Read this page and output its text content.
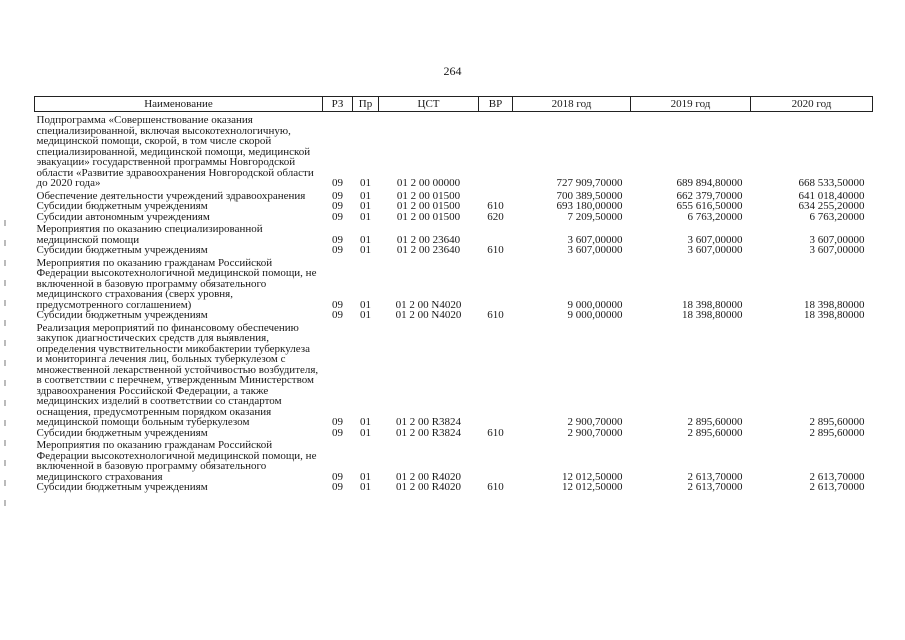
264
Наименование	РЗ	Пр	ЦСТ	ВР	2018 год	2019 год	2020 год
Подпрограмма «Совершенствование оказания специализированной, включая высокотехнологичную, медицинской помощи, скорой, в том числе скорой специализированной, медицинской помощи, медицинской эвакуации» государственной программы Новгородской области «Развитие здравоохранения Новгородской области до 2020 года»	09	01	01 2 00 00000		727 909,70000	689 894,80000	668 533,50000
Обеспечение деятельности учреждений здравоохранения	09	01	01 2 00 01500		700 389,50000	662 379,70000	641 018,40000
Субсидии бюджетным учреждениям	09	01	01 2 00 01500	610	693 180,00000	655 616,50000	634 255,20000
Субсидии автономным учреждениям	09	01	01 2 00 01500	620	7 209,50000	6 763,20000	6 763,20000
Мероприятия по оказанию специализированной медицинской помощи	09	01	01 2 00 23640		3 607,00000	3 607,00000	3 607,00000
Субсидии бюджетным учреждениям	09	01	01 2 00 23640	610	3 607,00000	3 607,00000	3 607,00000
Мероприятия по оказанию гражданам Российской Федерации высокотехнологичной медицинской помощи, не включенной в базовую программу обязательного медицинского страхования (сверх уровня, предусмотренного соглашением)	09	01	01 2 00 N4020		9 000,00000	18 398,80000	18 398,80000
Субсидии бюджетным учреждениям	09	01	01 2 00 N4020	610	9 000,00000	18 398,80000	18 398,80000
Реализация мероприятий по финансовому обеспечению закупок диагностических средств для выявления, определения чувствительности микобактерии туберкулеза и мониторинга лечения лиц, больных туберкулезом с множественной лекарственной устойчивостью возбудителя, в соответствии с перечнем, утвержденным Министерством здравоохранения Российской Федерации, а также медицинских изделий в соответствии со стандартом оснащения, предусмотренным порядком оказания медицинской помощи больным туберкулезом	09	01	01 2 00 R3824		2 900,70000	2 895,60000	2 895,60000
Субсидии бюджетным учреждениям	09	01	01 2 00 R3824	610	2 900,70000	2 895,60000	2 895,60000
Мероприятия по оказанию гражданам Российской Федерации высокотехнологичной медицинской помощи, не включенной в базовую программу обязательного медицинского страхования	09	01	01 2 00 R4020		12 012,50000	2 613,70000	2 613,70000
Субсидии бюджетным учреждениям	09	01	01 2 00 R4020	610	12 012,50000	2 613,70000	2 613,70000
